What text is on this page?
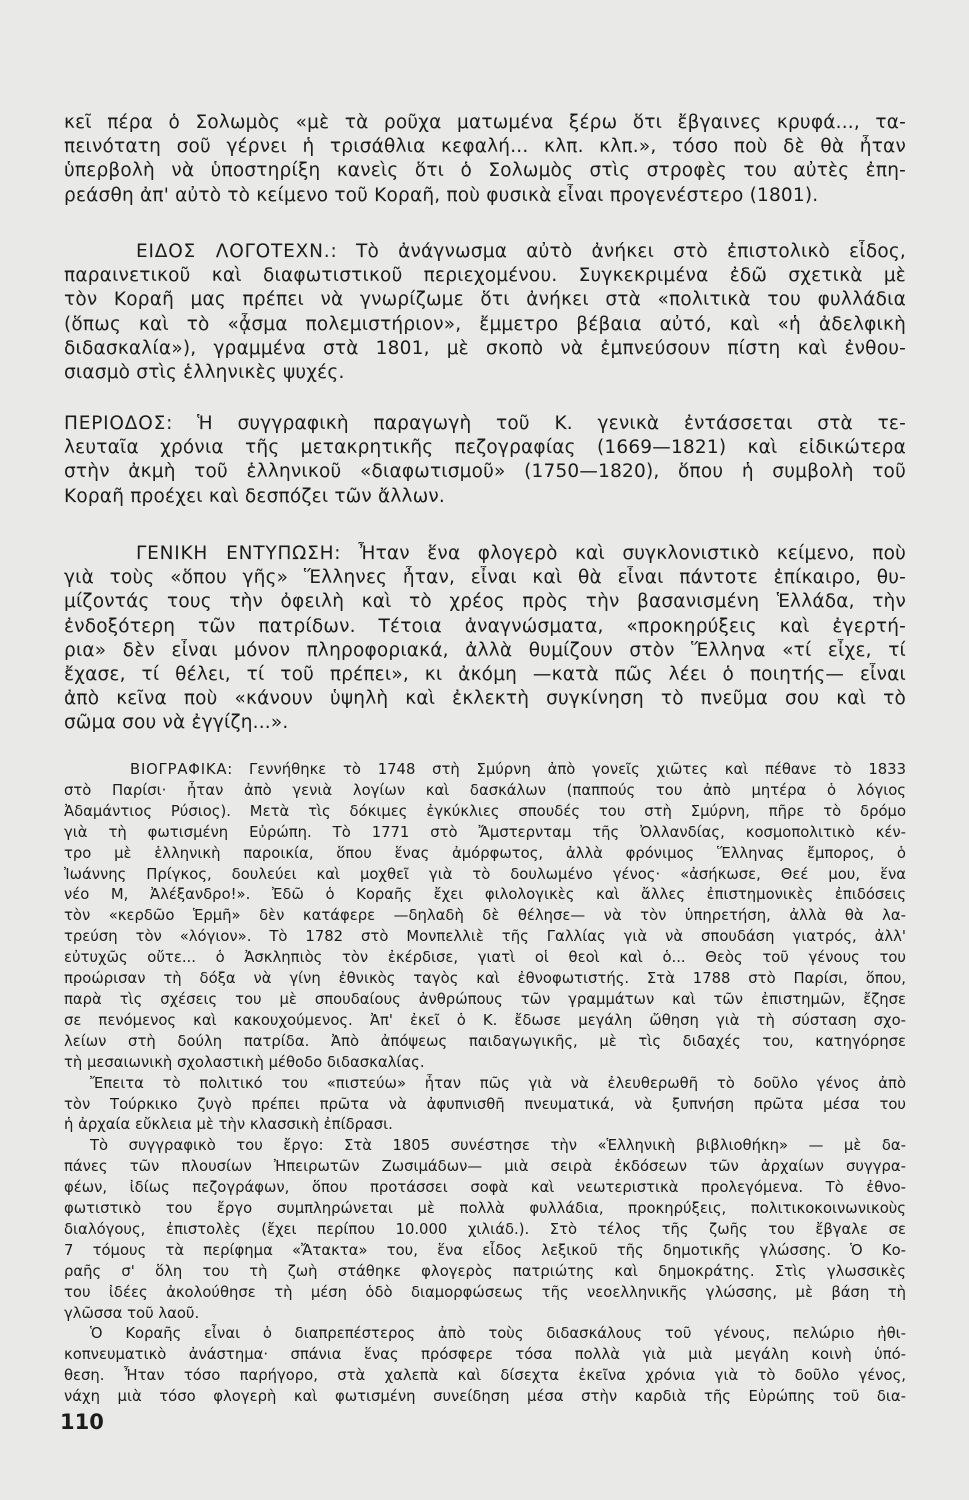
κεῖ πέρα ὁ Σολωμὸς «μὲ τὰ ροῦχα ματωμένα ξέρω ὅτι ἔβγαινες κρυφά..., τα-
πεινότατη σοῦ γέρνει ἡ τρισάθλια κεφαλή... κλπ. κλπ.», τόσο ποὺ δὲ θὰ ἦταν
ὑπερβολὴ νὰ ὑποστηρίξη κανεὶς ὅτι ὁ Σολωμὸς στὶς στροφὲς του αὐτὲς ἐπη-
ρεάσθη ἀπ' αὐτὸ τὸ κείμενο τοῦ Κοραῆ, ποὺ φυσικὰ εἶναι προγενέστερο (1801).
ΕΙΔΟΣ ΛΟΓΟΤΕΧΝ.: Τὸ ἀνάγνωσμα αὐτὸ ἀνήκει στὸ ἐπιστολικὸ εἶδος,
παραινετικοῦ καὶ διαφωτιστικοῦ περιεχομένου. Συγκεκριμένα ἐδῶ σχετικὰ μὲ
τὸν Κοραῆ μας πρέπει νὰ γνωρίζωμε ὅτι ἀνήκει στὰ «πολιτικὰ του φυλλάδια
(ὅπως καὶ τὸ «ᾆσμα πολεμιστήριον», ἔμμετρο βέβαια αὐτό, καὶ «ἡ ἀδελφικὴ
διδασκαλία»), γραμμένα στὰ 1801, μὲ σκοπὸ νὰ ἐμπνεύσουν πίστη καὶ ἐνθου-
σιασμὸ στὶς ἑλληνικὲς ψυχές.
ΠΕΡΙΟΔΟΣ: Ἡ συγγραφικὴ παραγωγὴ τοῦ Κ. γενικὰ ἐντάσσεται στὰ τε-
λευταῖα χρόνια τῆς μετακρητικῆς πεζογραφίας (1669—1821) καὶ εἰδικώτερα
στὴν ἀκμὴ τοῦ ἑλληνικοῦ «διαφωτισμοῦ» (1750—1820), ὅπου ἡ συμβολὴ τοῦ
Κοραῆ προέχει καὶ δεσπόζει τῶν ἄλλων.
ΓΕΝΙΚΗ ΕΝΤΥΠΩΣΗ: Ἦταν ἕνα φλογερὸ καὶ συγκλονιστικὸ κείμενο, ποὺ
γιὰ τοὺς «ὅπου γῆς» Ἕλληνες ἦταν, εἶναι καὶ θὰ εἶναι πάντοτε ἐπίκαιρο, θυ-
μίζοντάς τους τὴν ὀφειλὴ καὶ τὸ χρέος πρὸς τὴν βασανισμένη Ἑλλάδα, τὴν
ἐνδοξότερη τῶν πατρίδων. Τέτοια ἀναγνώσματα, «προκηρύξεις καὶ ἐγερτή-
ρια» δὲν εἶναι μόνον πληροφοριακά, ἀλλὰ θυμίζουν στὸν Ἕλληνα «τί εἶχε, τί
ἔχασε, τί θέλει, τί τοῦ πρέπει», κι ἀκόμη —κατὰ πῶς λέει ὁ ποιητής— εἶναι
ἀπὸ κεῖνα ποὺ «κάνουν ὑψηλὴ καὶ ἐκλεκτὴ συγκίνηση τὸ πνεῦμα σου καὶ τὸ
σῶμα σου νὰ ἐγγίζη...».
ΒΙΟΓΡΑΦΙΚΑ: Γεννήθηκε τὸ 1748 στὴ Σμύρνη ἀπὸ γονεῖς χιῶτες καὶ πέθανε τὸ 1833
στὸ Παρίσι· ἦταν ἀπὸ γενιὰ λογίων καὶ δασκάλων (παππούς του ἀπὸ μητέρα ὁ λόγιος
Ἀδαμάντιος Ρύσιος). Μετὰ τὶς δόκιμες ἐγκύκλιες σπουδές του στὴ Σμύρνη, πῆρε τὸ δρόμο
γιὰ τὴ φωτισμένη Εὐρώπη. Τὸ 1771 στὸ Ἄμστερνταμ τῆς Ὀλλανδίας, κοσμοπολιτικὸ κέν-
τρο μὲ ἑλληνικὴ παροικία, ὅπου ἕνας ἀμόρφωτος, ἀλλὰ φρόνιμος Ἕλληνας ἔμπορος, ὁ
Ἰωάννης Πρίγκος, δουλεύει καὶ μοχθεῖ γιὰ τὸ δουλωμένο γένος· «ἀσήκωσε, Θεέ μου, ἕνα
νέο Μ, Ἀλέξανδρο!». Ἐδῶ ὁ Κοραῆς ἔχει φιλολογικὲς καὶ ἄλλες ἐπιστημονικὲς ἐπιδόσεις
τὸν «κερδῶο Ἑρμῆ» δὲν κατάφερε —δηλαδὴ δὲ θέλησε— νὰ τὸν ὑπηρετήση, ἀλλὰ θὰ λα-
τρεύση τὸν «λόγιον». Τὸ 1782 στὸ Μονπελλιὲ τῆς Γαλλίας γιὰ νὰ σπουδάση γιατρός, ἀλλ'
εὐτυχῶς οὔτε... ὁ Ἀσκληπιὸς τὸν ἐκέρδισε, γιατὶ οἱ θεοὶ καὶ ὁ... Θεὸς τοῦ γένους του
προώρισαν τὴ δόξα νὰ γίνη ἐθνικὸς ταγὸς καὶ ἐθνοφωτιστής. Στὰ 1788 στὸ Παρίσι, ὅπου,
παρὰ τὶς σχέσεις του μὲ σπουδαίους ἀνθρώπους τῶν γραμμάτων καὶ τῶν ἐπιστημῶν, ἔζησε
σε πενόμενος καὶ κακουχούμενος. Ἀπ' ἐκεῖ ὁ Κ. ἔδωσε μεγάλη ὤθηση γιὰ τὴ σύσταση σχο-
λείων στὴ δούλη πατρίδα. Ἀπὸ ἀπόψεως παιδαγωγικῆς, μὲ τὶς διδαχές του, κατηγόρησε
τὴ μεσαιωνικὴ σχολαστικὴ μέθοδο διδασκαλίας.
Ἔπειτα τὸ πολιτικό του «πιστεύω» ἦταν πῶς γιὰ νὰ ἐλευθερωθῆ τὸ δοῦλο γένος ἀπὸ
τὸν Τούρκικο ζυγὸ πρέπει πρῶτα νὰ ἀφυπνισθῆ πνευματικά, νὰ ξυπνήση πρῶτα μέσα του
ἡ ἀρχαία εὔκλεια μὲ τὴν κλασσικὴ ἐπίδρασι.
Τὸ συγγραφικὸ του ἔργο: Στὰ 1805 συνέστησε τὴν «Ἑλληνικὴ βιβλιοθήκη» — μὲ δα-
πάνες τῶν πλουσίων Ἠπειρωτῶν Ζωσιμάδων— μιὰ σειρὰ ἐκδόσεων τῶν ἀρχαίων συγγρα-
φέων, ἰδίως πεζογράφων, ὅπου προτάσσει σοφὰ καὶ νεωτεριστικὰ προλεγόμενα. Τὸ ἐθνο-
φωτιστικὸ του ἔργο συμπληρώνεται μὲ πολλὰ φυλλάδια, προκηρύξεις, πολιτικοκοινωνικοὺς
διαλόγους, ἐπιστολὲς (ἔχει περίπου 10.000 χιλιάδ.). Στὸ τέλος τῆς ζωῆς του ἔβγαλε σε
7 τόμους τὰ περίφημα «Ἄτακτα» του, ἕνα εἶδος λεξικοῦ τῆς δημοτικῆς γλώσσης. Ὁ Κο-
ραῆς σ' ὅλη του τὴ ζωὴ στάθηκε φλογερὸς πατριώτης καὶ δημοκράτης. Στὶς γλωσσικὲς
του ἰδέες ἀκολούθησε τὴ μέση ὁδὸ διαμορφώσεως τῆς νεοελληνικῆς γλώσσης, μὲ βάση τὴ
γλῶσσα τοῦ λαοῦ.
Ὁ Κοραῆς εἶναι ὁ διαπρεπέστερος ἀπὸ τοὺς διδασκάλους τοῦ γένους, πελώριο ἠθι-
κοπνευματικὸ ἀνάστημα· σπάνια ἕνας πρόσφερε τόσα πολλὰ γιὰ μιὰ μεγάλη κοινὴ ὑπό-
θεση. Ἦταν τόσο παρήγορο, στὰ χαλεπὰ καὶ δίσεχτα ἐκεῖνα χρόνια γιὰ τὸ δοῦλο γένος,
νάχη μιὰ τόσο φλογερὴ καὶ φωτισμένη συνείδηση μέσα στὴν καρδιὰ τῆς Εὐρώπης τοῦ δια-
110
